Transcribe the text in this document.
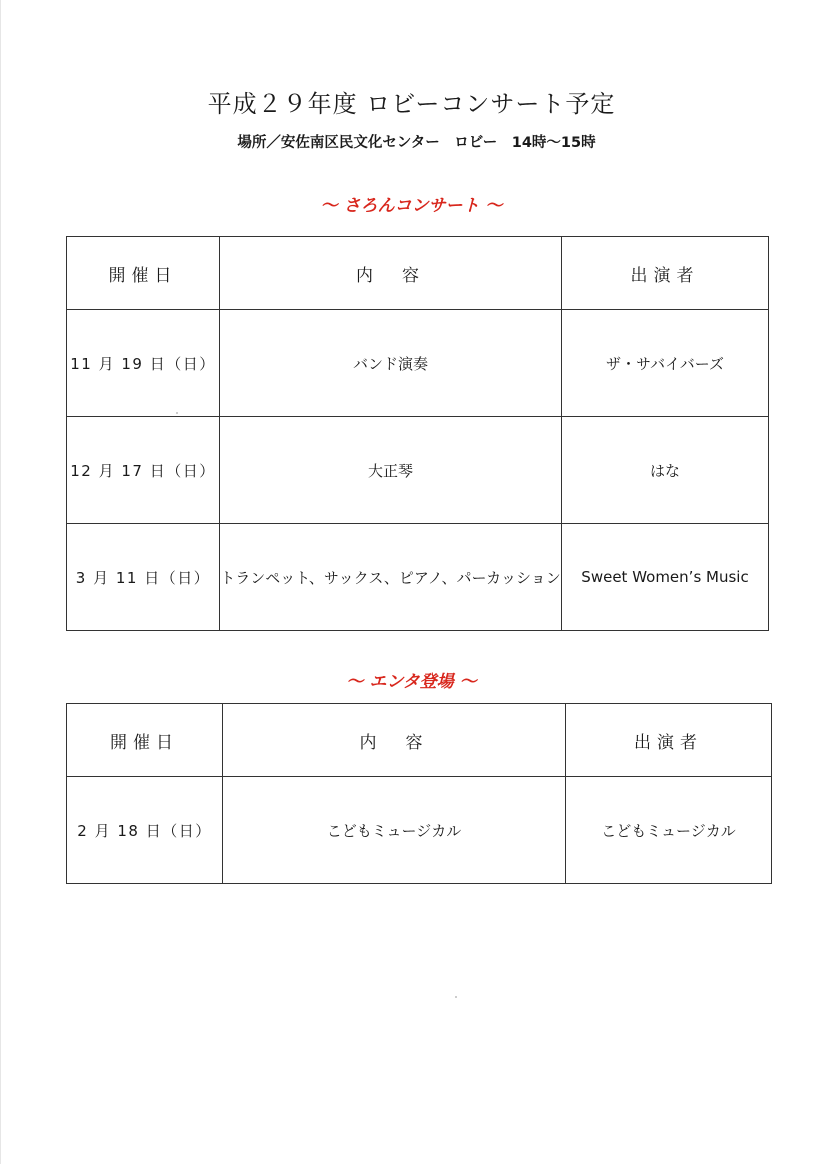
平成２９年度 ロビーコンサート予定
場所／安佐南区民文化センター　ロビー　14時～15時
～ さろんコンサート ～
開催日	内　容	出演者
11 月 19 日（日）	バンド演奏	ザ・サバイバーズ
12 月 17 日（日）	大正琴	はな
3 月 11 日（日）	トランペット、サックス、ピアノ、パーカッション	Sweet Women’s Music
～ エンタ登場 ～
開催日	内　容	出演者
2 月 18 日（日）	こどもミュージカル	こどもミュージカル
